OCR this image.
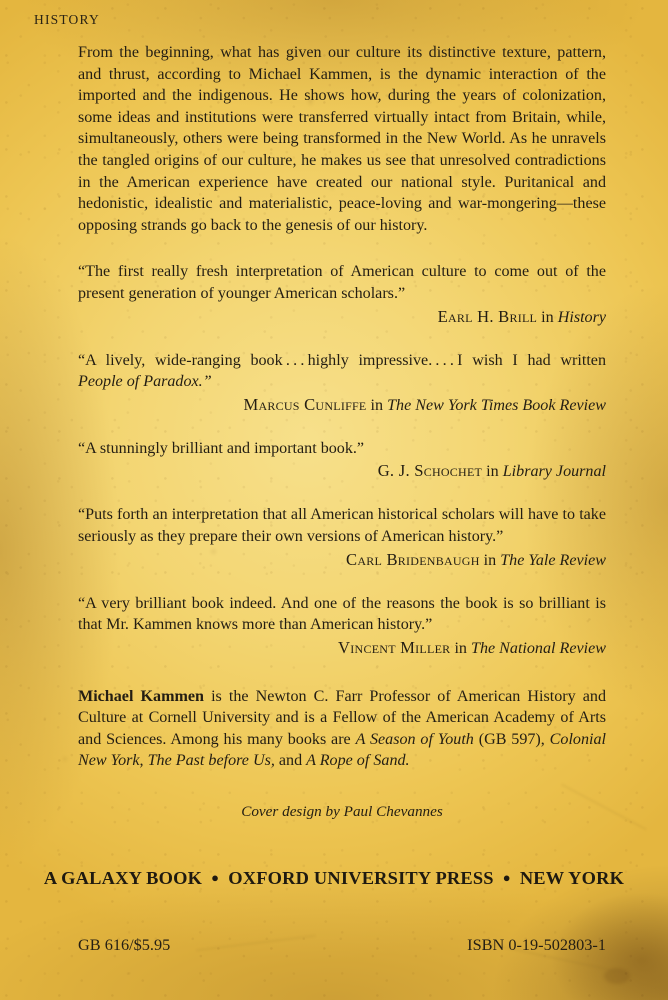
HISTORY

From the beginning, what has given our culture its distinctive texture, pattern, and thrust, according to Michael Kammen, is the dynamic interaction of the imported and the indigenous. He shows how, during the years of colonization, some ideas and institutions were transferred virtually intact from Britain, while, simultaneously, others were being transformed in the New World. As he unravels the tangled origins of our culture, he makes us see that unresolved contradictions in the American experience have created our national style. Puritanical and hedonistic, idealistic and materialistic, peace-loving and war-mongering—these opposing strands go back to the genesis of our history.

“The first really fresh interpretation of American culture to come out of the present generation of younger American scholars.”

Earl H. Brill in History

“A lively, wide-ranging book . . . highly impressive. . . . I wish I had written People of Paradox.”

Marcus Cunliffe in The New York Times Book Review

“A stunningly brilliant and important book.”

G. J. Schochet in Library Journal

“Puts forth an interpretation that all American historical scholars will have to take seriously as they prepare their own versions of American history.”

Carl Bridenbaugh in The Yale Review

“A very brilliant book indeed. And one of the reasons the book is so brilliant is that Mr. Kammen knows more than American history.”

Vincent Miller in The National Review

Michael Kammen is the Newton C. Farr Professor of American History and Culture at Cornell University and is a Fellow of the American Academy of Arts and Sciences. Among his many books are A Season of Youth (GB 597), Colonial New York, The Past before Us, and A Rope of Sand.

Cover design by Paul Chevannes

A GALAXY BOOK ● OXFORD UNIVERSITY PRESS ● NEW YORK
GB 616/$5.95	ISBN 0-19-502803-1
